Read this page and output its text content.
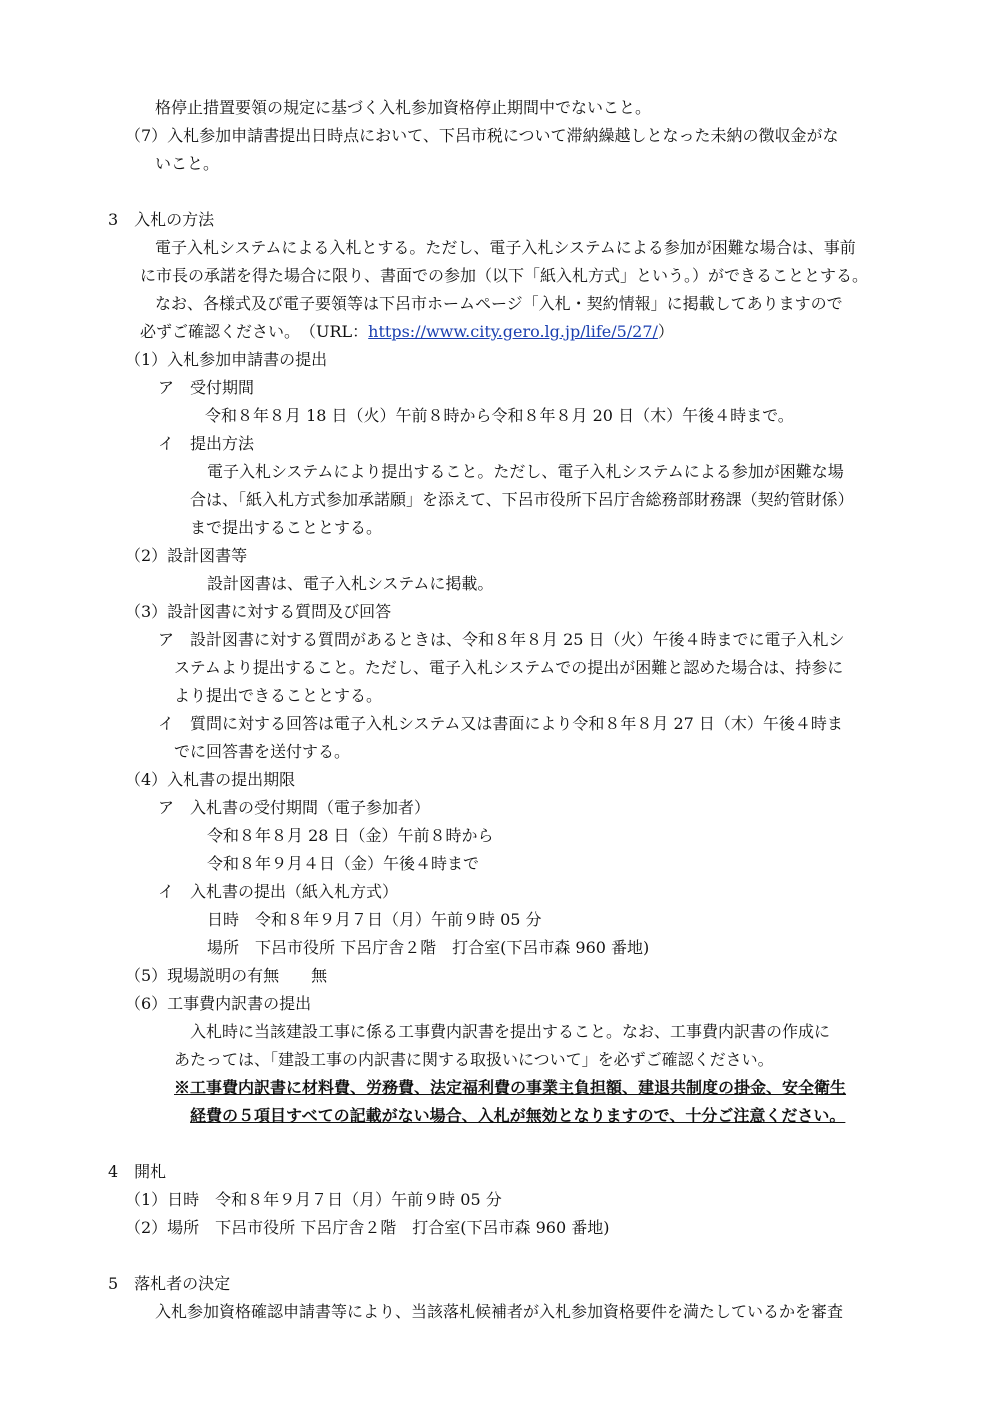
格停止措置要領の規定に基づく入札参加資格停止期間中でないこと。
（7）入札参加申請書提出日時点において、下呂市税について滞納繰越しとなった未納の徴収金がな
いこと。
3　入札の方法
電子入札システムによる入札とする。ただし、電子入札システムによる参加が困難な場合は、事前
に市長の承諾を得た場合に限り、書面での参加（以下「紙入札方式」という。）ができることとする。
なお、各様式及び電子要領等は下呂市ホームページ「入札・契約情報」に掲載してありますので
必ずご確認ください。　（URL：https://www.city.gero.lg.jp/life/5/27/）
（1）入札参加申請書の提出
ア　受付期間
令和８年８月 18 日（火）午前８時から令和８年８月 20 日（木）午後４時まで。
イ　提出方法
電子入札システムにより提出すること。ただし、電子入札システムによる参加が困難な場
合は、「紙入札方式参加承諾願」を添えて、下呂市役所下呂庁舎総務部財務課（契約管財係）
まで提出することとする。
（2）設計図書等
設計図書は、電子入札システムに掲載。
（3）設計図書に対する質問及び回答
ア　設計図書に対する質問があるときは、令和８年８月 25 日（火）午後４時までに電子入札シ
ステムより提出すること。ただし、電子入札システムでの提出が困難と認めた場合は、持参に
より提出できることとする。
イ　質問に対する回答は電子入札システム又は書面により令和８年８月 27 日（木）午後４時ま
でに回答書を送付する。
（4）入札書の提出期限
ア　入札書の受付期間（電子参加者）
令和８年８月 28 日（金）午前８時から
令和８年９月４日（金）午後４時まで
イ　入札書の提出（紙入札方式）
日時　令和８年９月７日（月）午前９時 05 分
場所　下呂市役所 下呂庁舎２階　打合室(下呂市森 960 番地)
（5）現場説明の有無　　無
（6）工事費内訳書の提出
入札時に当該建設工事に係る工事費内訳書を提出すること。なお、工事費内訳書の作成に
あたっては、「建設工事の内訳書に関する取扱いについて」を必ずご確認ください。
※工事費内訳書に材料費、労務費、法定福利費の事業主負担額、建退共制度の掛金、安全衛生
経費の５項目すべての記載がない場合、入札が無効となりますので、十分ご注意ください。
4　開札
（1）日時　令和８年９月７日（月）午前９時 05 分
（2）場所　下呂市役所 下呂庁舎２階　打合室(下呂市森 960 番地)
5　落札者の決定
入札参加資格確認申請書等により、当該落札候補者が入札参加資格要件を満たしているかを審査
